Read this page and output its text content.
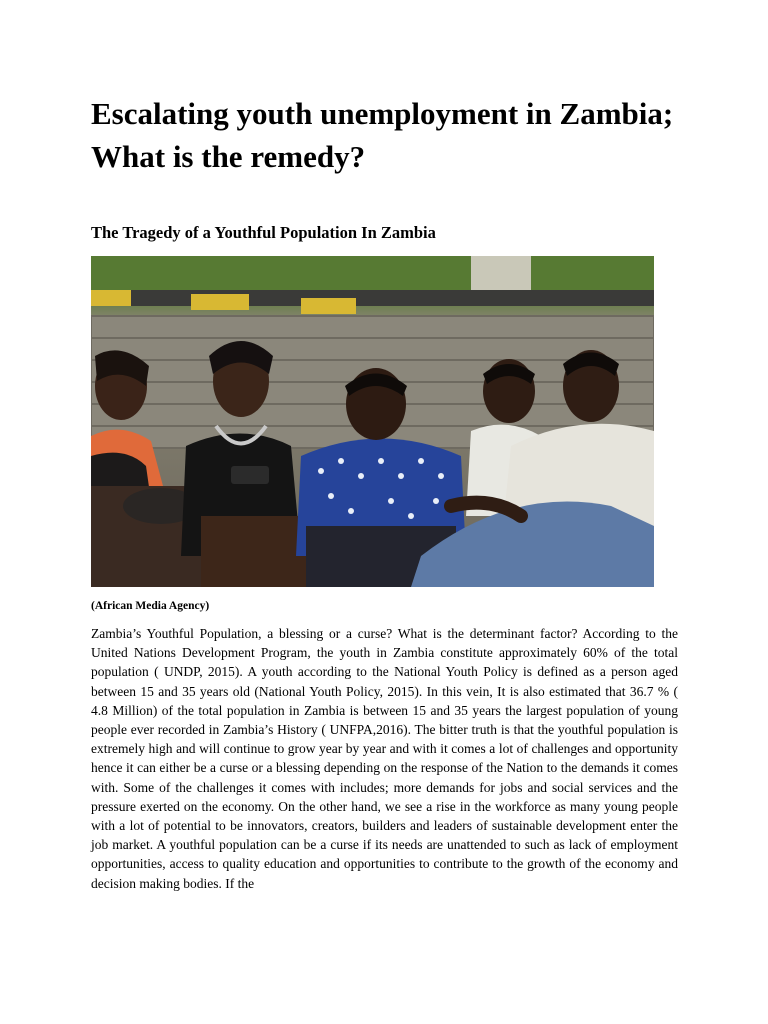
Escalating youth unemployment in Zambia; What is the remedy?

The Tragedy of a Youthful Population In Zambia

(African Media Agency)

Zambia’s Youthful Population, a blessing or a curse? What is the determinant factor? According to the United Nations Development Program, the youth in Zambia constitute approximately 60% of the total population ( UNDP, 2015). A youth according to the National Youth Policy is defined as a person aged between 15 and 35 years old (National Youth Policy, 2015). In this vein, It is also estimated that 36.7 % ( 4.8 Million) of the total population in Zambia is between 15 and 35 years the largest population of young people ever recorded in Zambia’s History ( UNFPA,2016). The bitter truth is that the youthful population is extremely high and will continue to grow year by year and with it comes a lot of challenges and opportunity hence it can either be a curse or a blessing depending on the response of the Nation to the demands it comes with. Some of the challenges it comes with includes; more demands for jobs and social services and the pressure exerted on the economy. On the other hand, we see a rise in the workforce as many young people with a lot of potential to be innovators, creators, builders and leaders of sustainable development enter the job market. A youthful population can be a curse if its needs are unattended to such as lack of employment opportunities, access to quality education and opportunities to contribute to the growth of the economy and decision making bodies. If the
